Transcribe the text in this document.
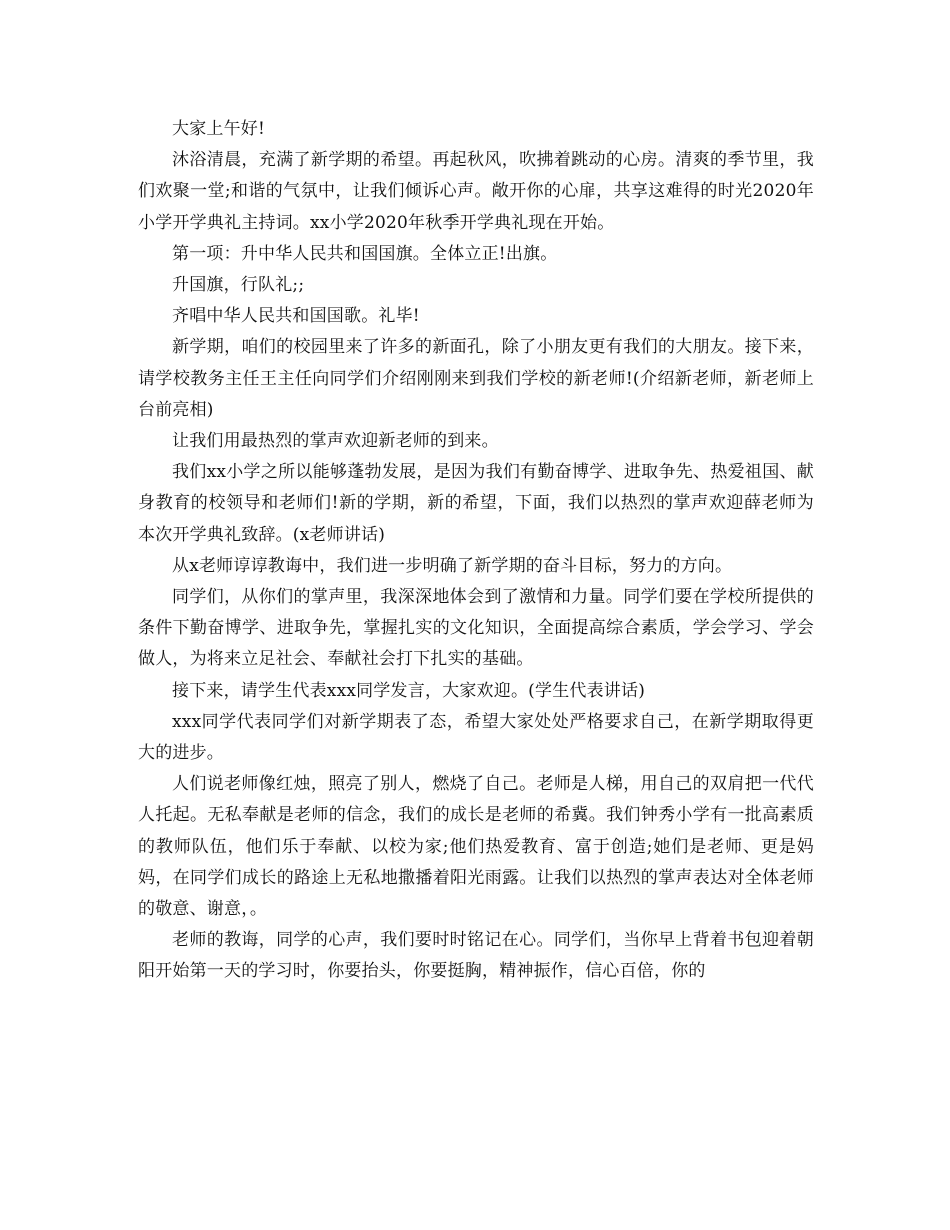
大家上午好!

沐浴清晨，充满了新学期的希望。再起秋风，吹拂着跳动的心房。清爽的季节里，我们欢聚一堂;和谐的气氛中，让我们倾诉心声。敞开你的心扉，共享这难得的时光2020年小学开学典礼主持词。xx小学2020年秋季开学典礼现在开始。

第一项：升中华人民共和国国旗。全体立正!出旗。

升国旗，行队礼;;

齐唱中华人民共和国国歌。礼毕!

新学期，咱们的校园里来了许多的新面孔，除了小朋友更有我们的大朋友。接下来，请学校教务主任王主任向同学们介绍刚刚来到我们学校的新老师!(介绍新老师，新老师上台前亮相)

让我们用最热烈的掌声欢迎新老师的到来。

我们xx小学之所以能够蓬勃发展，是因为我们有勤奋博学、进取争先、热爱祖国、献身教育的校领导和老师们!新的学期，新的希望，下面，我们以热烈的掌声欢迎薛老师为本次开学典礼致辞。(x老师讲话)

从x老师谆谆教诲中，我们进一步明确了新学期的奋斗目标，努力的方向。

同学们，从你们的掌声里，我深深地体会到了激情和力量。同学们要在学校所提供的条件下勤奋博学、进取争先，掌握扎实的文化知识，全面提高综合素质，学会学习、学会做人，为将来立足社会、奉献社会打下扎实的基础。

接下来，请学生代表xxx同学发言，大家欢迎。(学生代表讲话)

xxx同学代表同学们对新学期表了态，希望大家处处严格要求自己，在新学期取得更大的进步。

人们说老师像红烛，照亮了别人，燃烧了自己。老师是人梯，用自己的双肩把一代代人托起。无私奉献是老师的信念，我们的成长是老师的希冀。我们钟秀小学有一批高素质的教师队伍，他们乐于奉献、以校为家;他们热爱教育、富于创造;她们是老师、更是妈妈，在同学们成长的路途上无私地撒播着阳光雨露。让我们以热烈的掌声表达对全体老师的敬意、谢意，。

老师的教诲，同学的心声，我们要时时铭记在心。同学们，当你早上背着书包迎着朝阳开始第一天的学习时，你要抬头，你要挺胸，精神振作，信心百倍，你的
